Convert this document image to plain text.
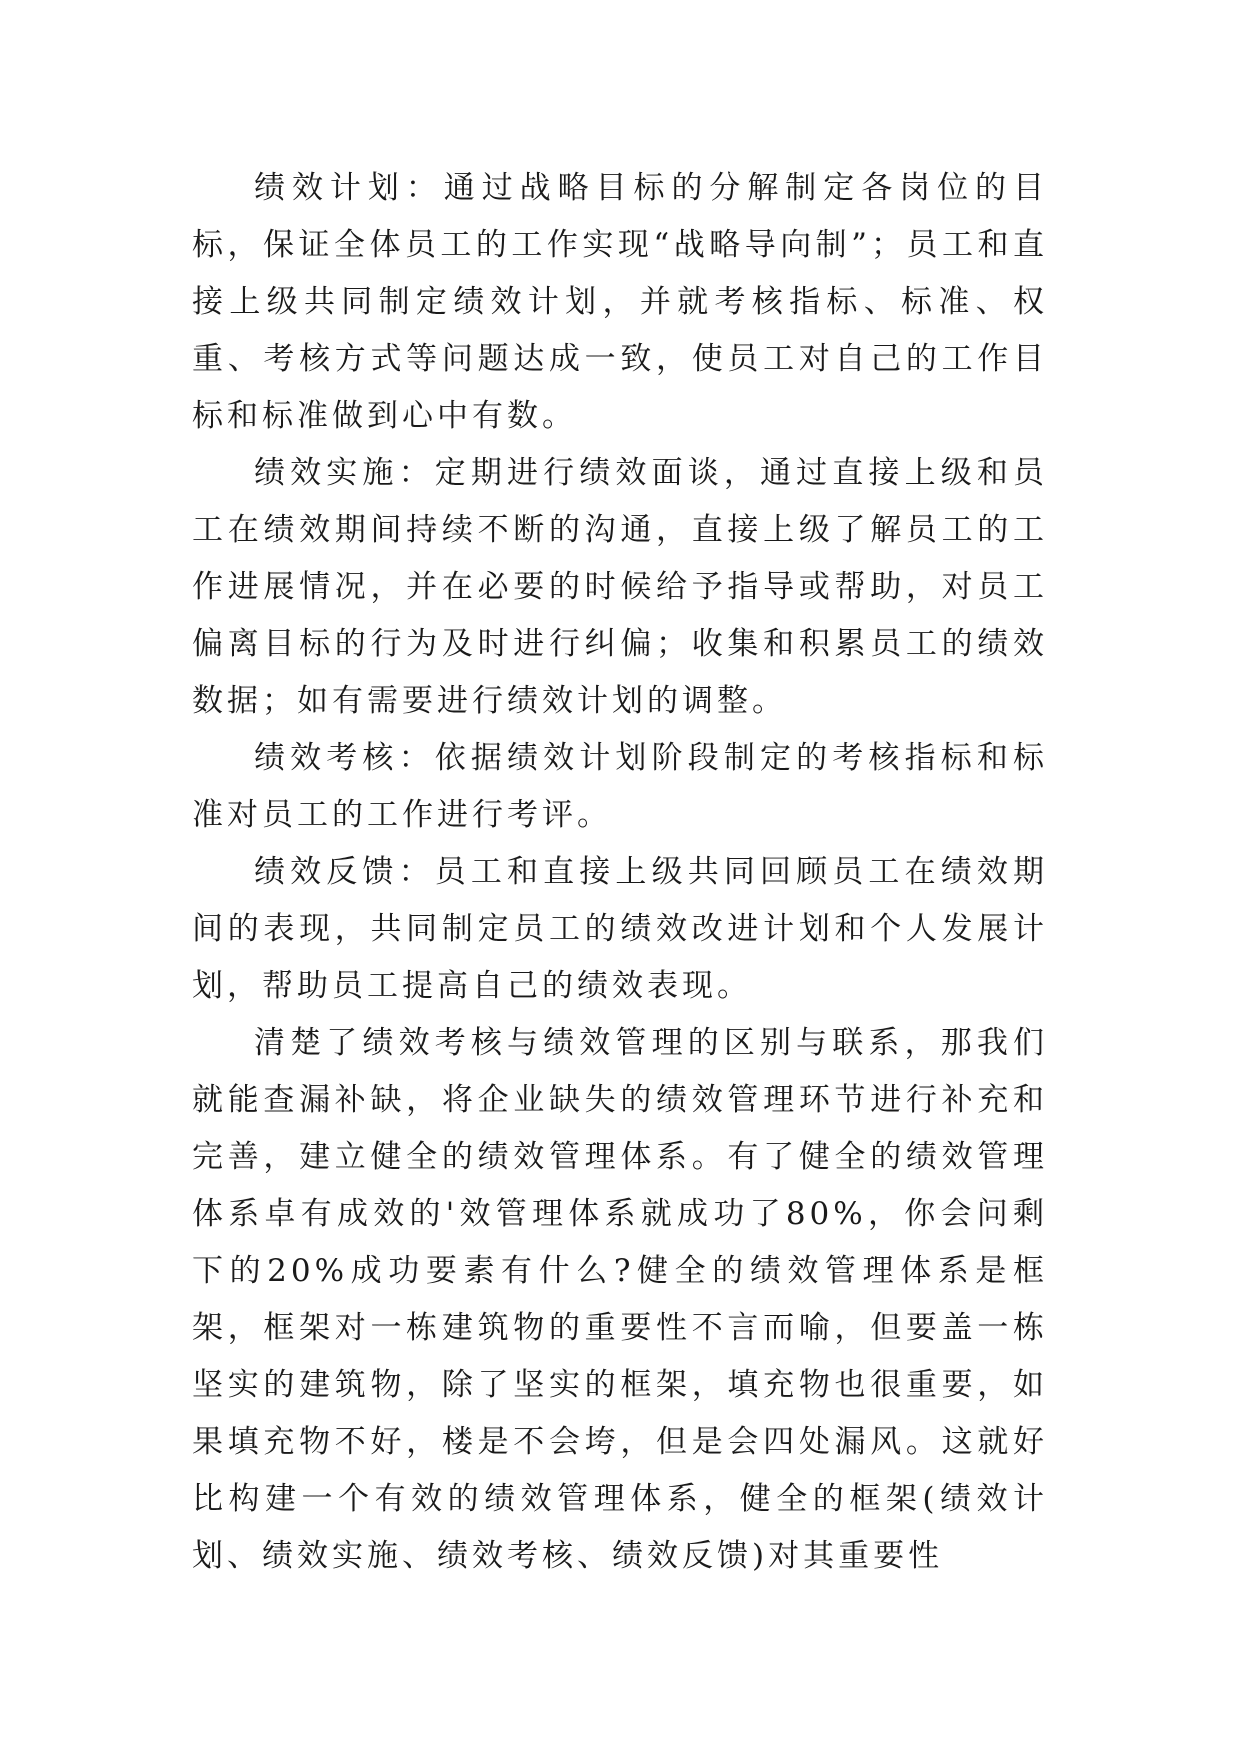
绩效计划：通过战略目标的分解制定各岗位的目标，保证全体员工的工作实现“战略导向制”；员工和直接上级共同制定绩效计划，并就考核指标、标准、权重、考核方式等问题达成一致，使员工对自己的工作目标和标准做到心中有数。

绩效实施：定期进行绩效面谈，通过直接上级和员工在绩效期间持续不断的沟通，直接上级了解员工的工作进展情况，并在必要的时候给予指导或帮助，对员工偏离目标的行为及时进行纠偏；收集和积累员工的绩效数据；如有需要进行绩效计划的调整。

绩效考核：依据绩效计划阶段制定的考核指标和标准对员工的工作进行考评。

绩效反馈：员工和直接上级共同回顾员工在绩效期间的表现，共同制定员工的绩效改进计划和个人发展计划，帮助员工提高自己的绩效表现。

清楚了绩效考核与绩效管理的区别与联系，那我们就能查漏补缺，将企业缺失的绩效管理环节进行补充和完善，建立健全的绩效管理体系。有了健全的绩效管理体系卓有成效的'效管理体系就成功了80%，你会问剩下的20%成功要素有什么?健全的绩效管理体系是框架，框架对一栋建筑物的重要性不言而喻，但要盖一栋坚实的建筑物，除了坚实的框架，填充物也很重要，如果填充物不好，楼是不会垮，但是会四处漏风。这就好比构建一个有效的绩效管理体系，健全的框架(绩效计划、绩效实施、绩效考核、绩效反馈)对其重要性
